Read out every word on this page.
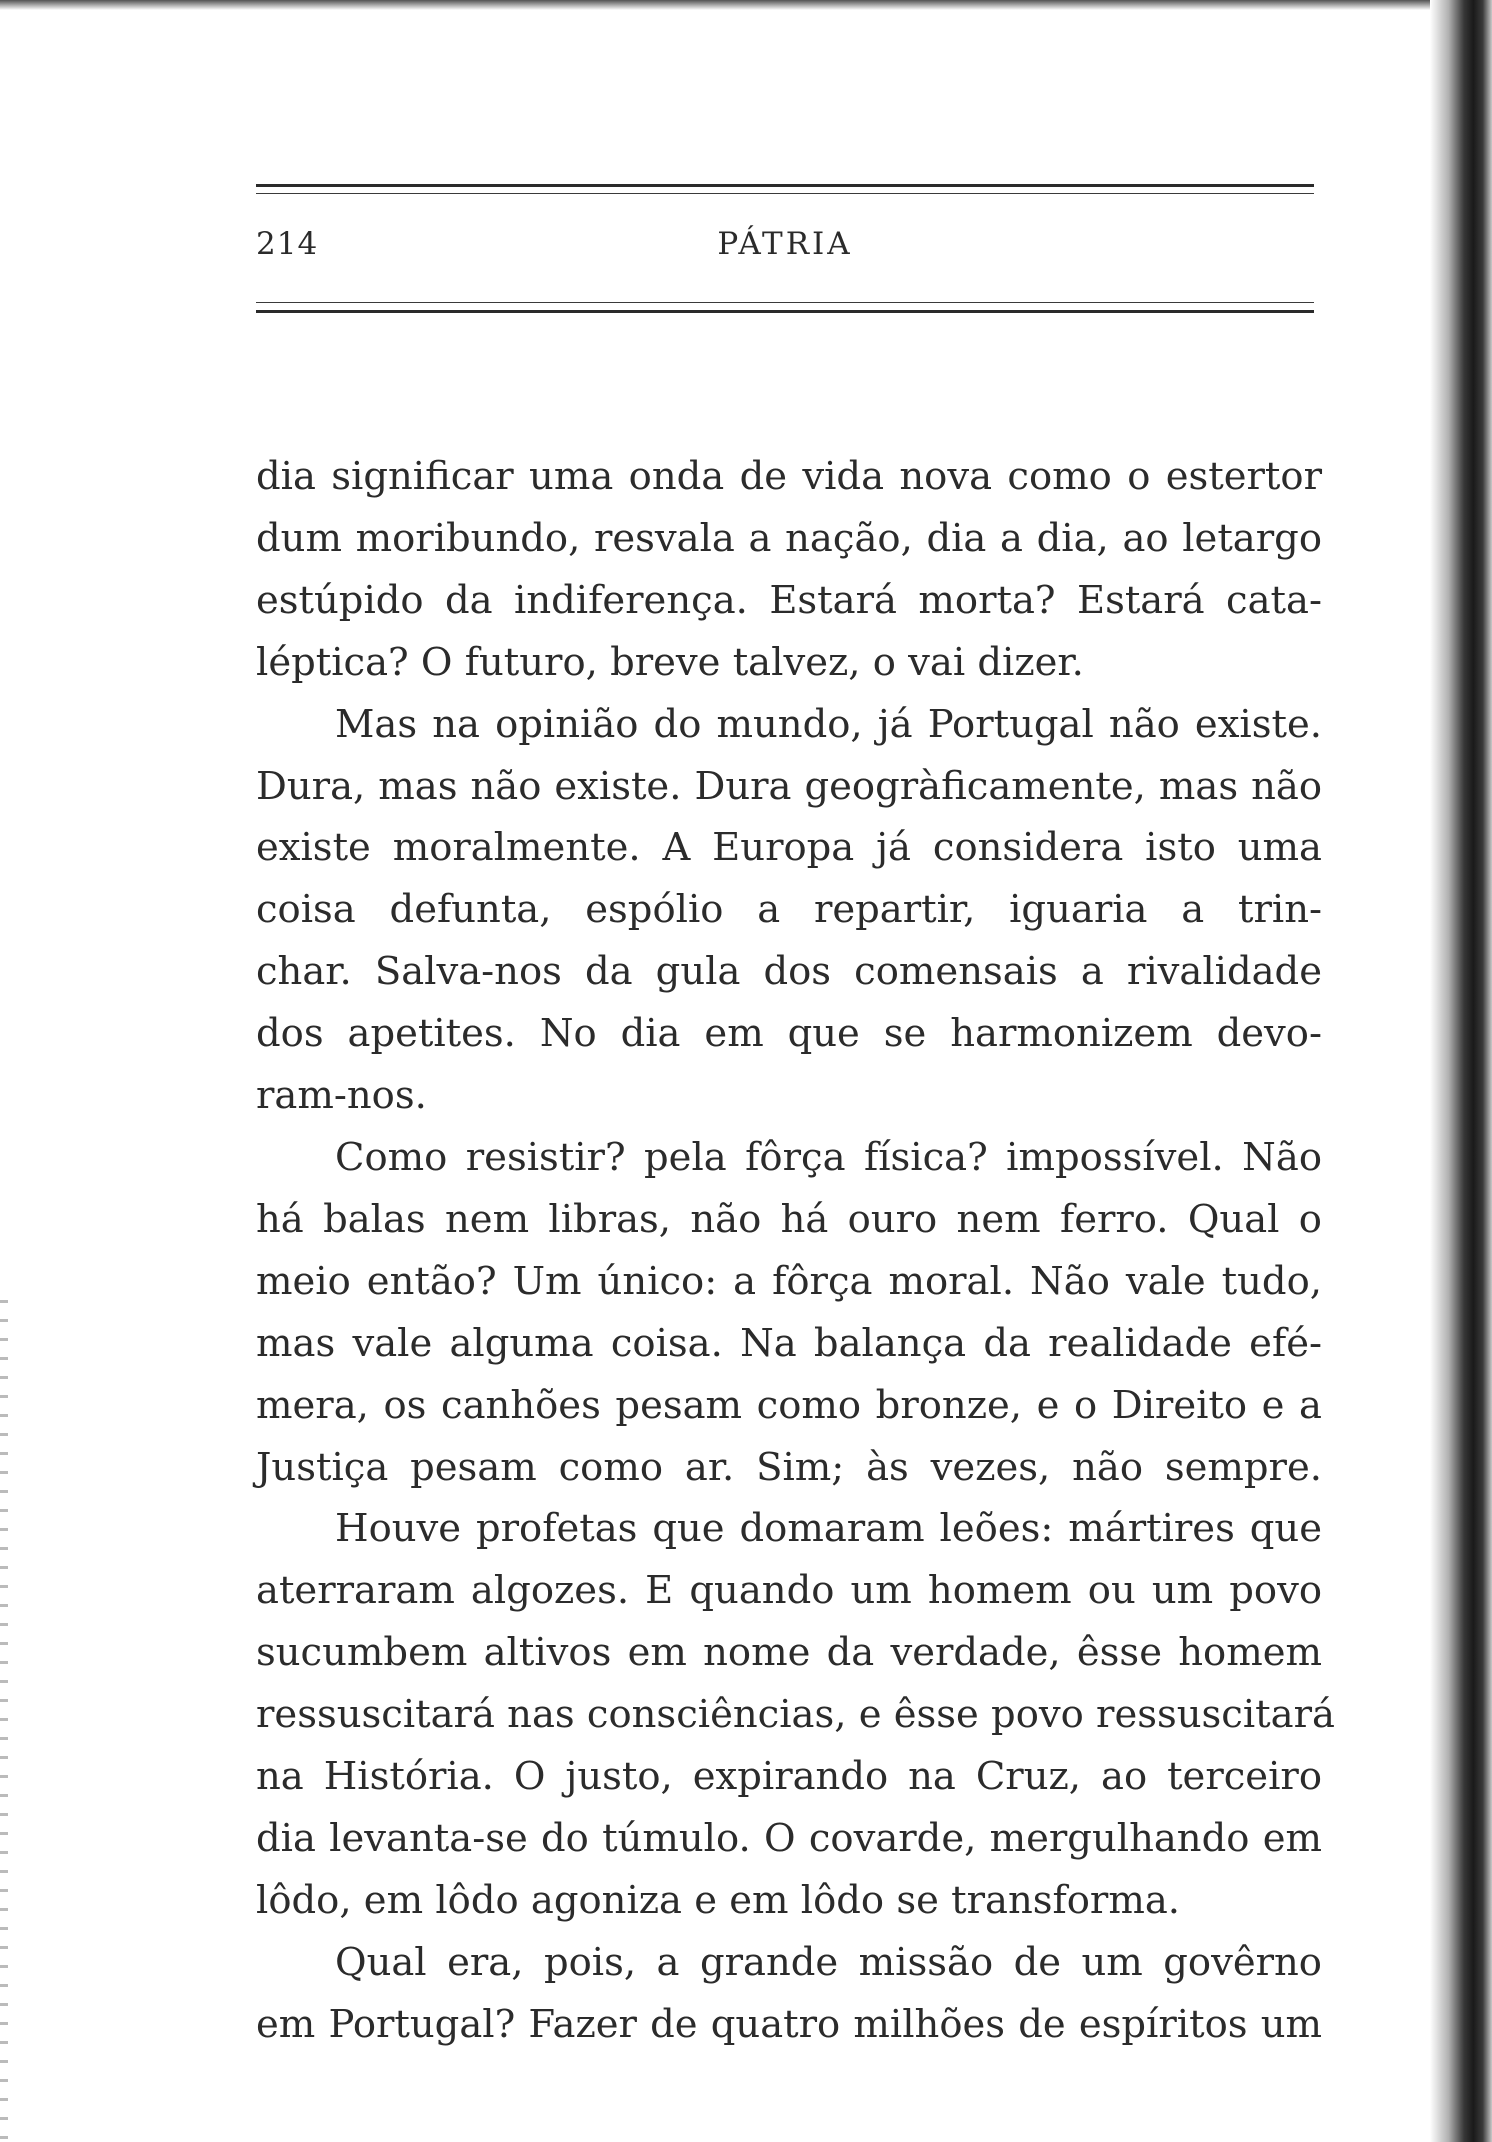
214	PÁTRIA
dia significar uma onda de vida nova como o estertor
dum moribundo, resvala a nação, dia a dia, ao letargo
estúpido da indiferença. Estará morta? Estará cata-
léptica? O futuro, breve talvez, o vai dizer.
Mas na opinião do mundo, já Portugal não existe.
Dura, mas não existe. Dura geogràficamente, mas não
existe moralmente. A Europa já considera isto uma
coisa defunta, espólio a repartir, iguaria a trin-
char. Salva-nos da gula dos comensais a rivalidade
dos apetites. No dia em que se harmonizem devo-
ram-nos.
Como resistir? pela fôrça física? impossível. Não
há balas nem libras, não há ouro nem ferro. Qual o
meio então? Um único: a fôrça moral. Não vale tudo,
mas vale alguma coisa. Na balança da realidade efé-
mera, os canhões pesam como bronze, e o Direito e a
Justiça pesam como ar. Sim; às vezes, não sempre.
Houve profetas que domaram leões: mártires que
aterraram algozes. E quando um homem ou um povo
sucumbem altivos em nome da verdade, êsse homem
ressuscitará nas consciências, e êsse povo ressuscitará
na História. O justo, expirando na Cruz, ao terceiro
dia levanta-se do túmulo. O covarde, mergulhando em
lôdo, em lôdo agoniza e em lôdo se transforma.
Qual era, pois, a grande missão de um govêrno
em Portugal? Fazer de quatro milhões de espíritos um
